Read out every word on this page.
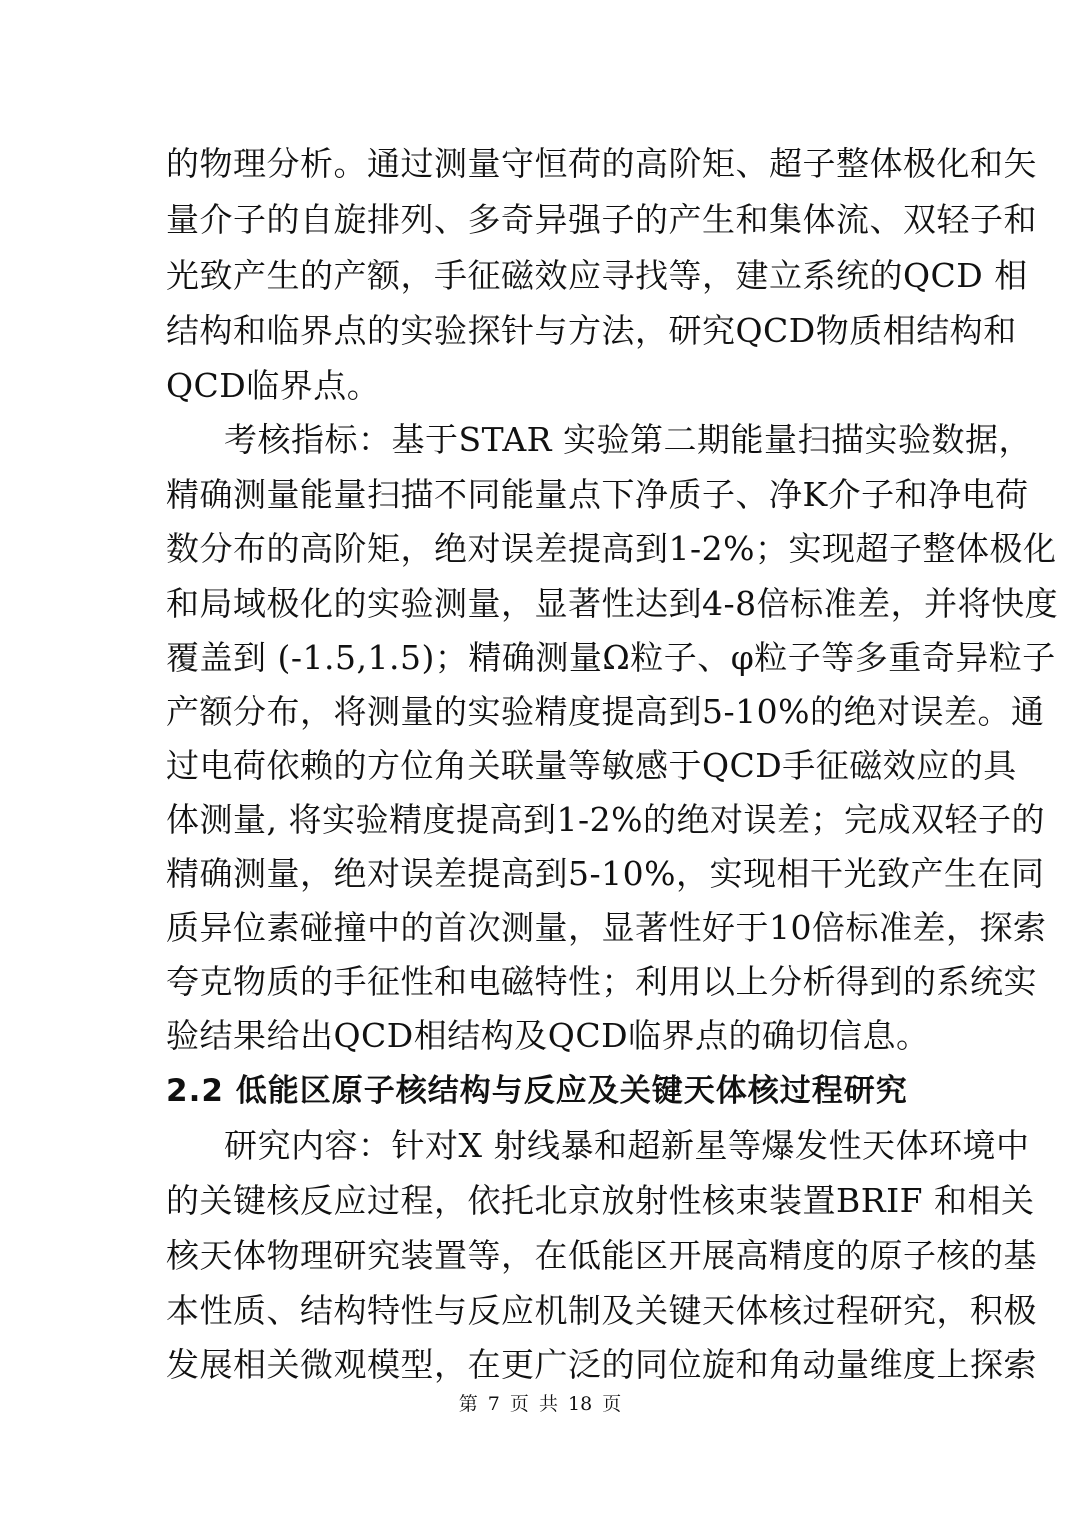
的物理分析。通过测量守恒荷的高阶矩、超子整体极化和矢
量介子的自旋排列、多奇异强子的产生和集体流、双轻子和
光致产生的产额，手征磁效应寻找等，建立系统的QCD 相
结构和临界点的实验探针与方法，研究QCD物质相结构和
QCD临界点。
考核指标：基于STAR 实验第二期能量扫描实验数据，
精确测量能量扫描不同能量点下净质子、净K介子和净电荷
数分布的高阶矩，绝对误差提高到1-2%；实现超子整体极化
和局域极化的实验测量，显著性达到4-8倍标准差，并将快度
覆盖到 (-1.5,1.5)；精确测量Ω粒子、φ粒子等多重奇异粒子
产额分布，将测量的实验精度提高到5-10%的绝对误差。通
过电荷依赖的方位角关联量等敏感于QCD手征磁效应的具
体测量, 将实验精度提高到1-2%的绝对误差；完成双轻子的
精确测量，绝对误差提高到5-10%，实现相干光致产生在同
质异位素碰撞中的首次测量，显著性好于10倍标准差，探索
夸克物质的手征性和电磁特性；利用以上分析得到的系统实
验结果给出QCD相结构及QCD临界点的确切信息。
2.2 低能区原子核结构与反应及关键天体核过程研究
研究内容：针对X 射线暴和超新星等爆发性天体环境中
的关键核反应过程，依托北京放射性核束装置BRIF 和相关
核天体物理研究装置等，在低能区开展高精度的原子核的基
本性质、结构特性与反应机制及关键天体核过程研究，积极
发展相关微观模型，在更广泛的同位旋和角动量维度上探索
第 7 页 共 18 页
